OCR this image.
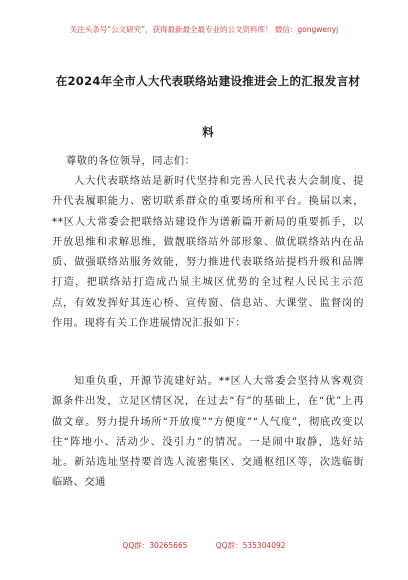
关注头条号“公文研究”，获得最新最全最专业的公文资料库！ 微信：gongwenyj
在2024年全市人大代表联络站建设推进会上的汇报发言材
料
尊敬的各位领导，同志们：
人大代表联络站是新时代坚持和完善人民代表大会制度、提升代表履职能力、密切联系群众的重要场所和平台。换届以来，**区人大常委会把联络站建设作为谱新篇开新局的重要抓手，以开放思维和求解思维，做靓联络站外部形象、做优联络站内在品质、做强联络站服务效能，努力推进代表联络站提档升级和品牌打造，把联络站打造成凸显主城区优势的全过程人民民主示范点，有效发挥好其连心桥、宣传窗、信息站、大课堂、监督岗的作用。现将有关工作进展情况汇报如下：
知重负重，开源节流建好站。**区人大常委会坚持从客观资源条件出发，立足区情区况，在过去“有”的基础上，在“优”上再做文章。努力提升场所“开放度”“方便度”“人气度”，彻底改变以往“阵地小、活动少、没引力”的情况。一是闹中取静，选好站址。新站选址坚持要首选人流密集区、交通枢纽区等，次选临街临路、交通
QQ群：30265665	QQ群：535304092
